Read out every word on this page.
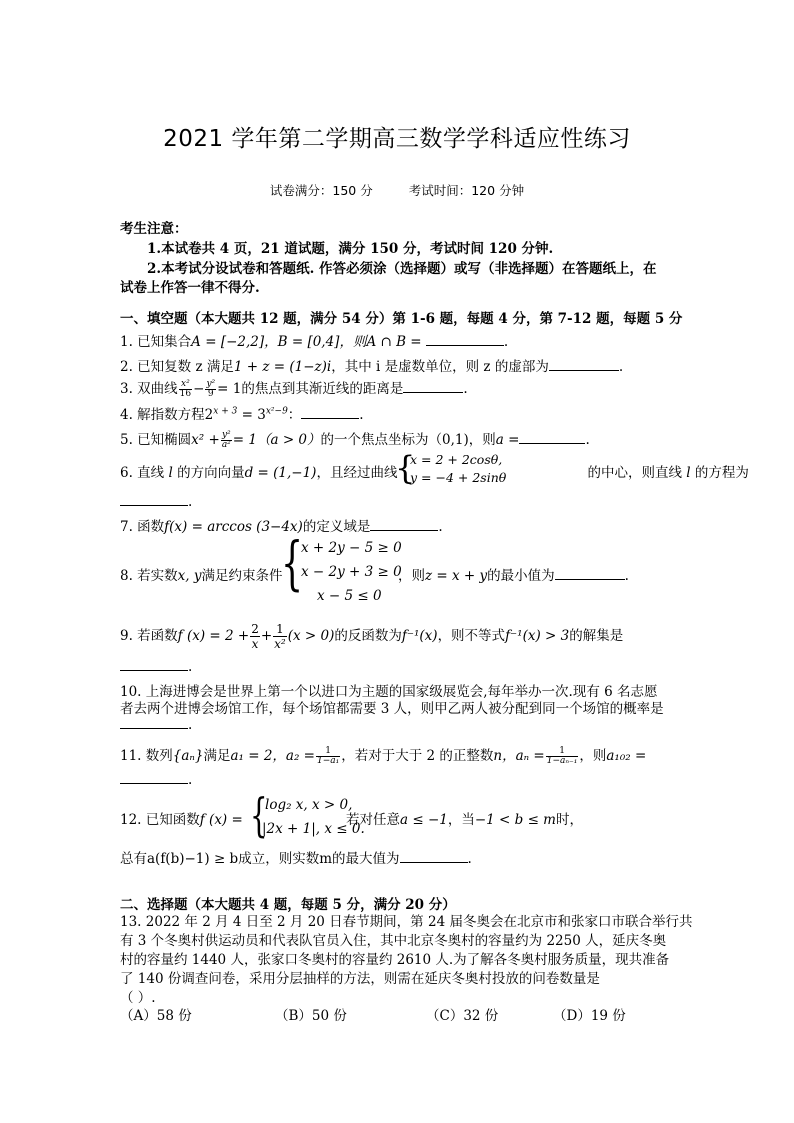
2021 学年第二学期高三数学学科适应性练习
试卷满分：150 分	考试时间：120 分钟
考生注意：
1.本试卷共 4 页，21 道试题，满分 150 分，考试时间 120 分钟.
2.本考试分设试卷和答题纸. 作答必须涂（选择题）或写（非选择题）在答题纸上，在
试卷上作答一律不得分.
一、填空题（本大题共 12 题，满分 54 分）第 1-6 题，每题 4 分，第 7-12 题，每题 5 分
1. 已知集合A = [−2,2]，B = [0,4]，则A ∩ B =	.
2. 已知复数 z 满足1 + z = (1−z)i，其中 i 是虚数单位，则 z 的虚部为	.
3. 双曲线 $\frac{\text{x²}}{16} - \frac{\text{y²}}{9} = 1$的焦点到其渐近线的距离是	.
4. 解指数方程$2^{x + 3} = 3^{x^2-9}$：	.
5. 已知椭圆$x^2 + \frac{\text{y²}}{\text{a²}} = 1(a > 0)$的一个焦点坐标为（0,1)，则a =	.
6. 直线 l 的方向向量d = (1,−1)，且经过曲线	的中心，则直线 l 的方程为
{
x = 2 + 2cosθ,
y = −4 + 2sinθ
.
7. 函数f(x) = arccos (3−4x)的定义域是	.
{
x + 2y − 5 ≥ 0
x − 2y + 3 ≥ 0
x − 5 ≤ 0
8. 若实数x, y满足约束条件	，则z = x + y的最小值为	.
9. 若函数f $(x) = 2 + \frac{2}{x} + \frac{1}{\text{x²}} (x > 0)$的反函数为f⁻¹(x)，则不等式f⁻¹(x) > 3的解集是
.
10. 上海进博会是世界上第一个以进口为主题的国家级展览会,每年举办一次.现有 6 名志愿
者去两个进博会场馆工作，每个场馆都需要 3 人，则甲乙两人被分配到同一个场馆的概率是
.
11. 数列{aₙ}满足a₁ = 2，$a_2 = \frac{1}{\text{1−a₁}}$ ，若对于大于 2 的正整数n，$a_n = \frac{1}{\text{1−aₙ₋₁}}$ ，则a₁₀₂ =
.
12. 已知函数f (x) = {
log₂ x, x > 0,
|2x + 1|, x ≤ 0.
若对任意a ≤ −1，当−1 < b ≤ m时，
总有a(f(b)−1) ≥ b成立，则实数m的最大值为	.
二、选择题（本大题共 4 题，每题 5 分，满分 20 分）
13. 2022 年 2 月 4 日至 2 月 20 日春节期间，第 24 届冬奥会在北京市和张家口市联合举行共
有 3 个冬奥村供运动员和代表队官员入住，其中北京冬奥村的容量约为 2250 人，延庆冬奥
村的容量约 1440 人，张家口冬奥村的容量约 2610 人.为了解各冬奥村服务质量，现共准备
了 140 份调查问卷，采用分层抽样的方法，则需在延庆冬奥村投放的问卷数量是
（ ）.
（A）58 份	（B）50 份	（C）32 份	（D）19 份
